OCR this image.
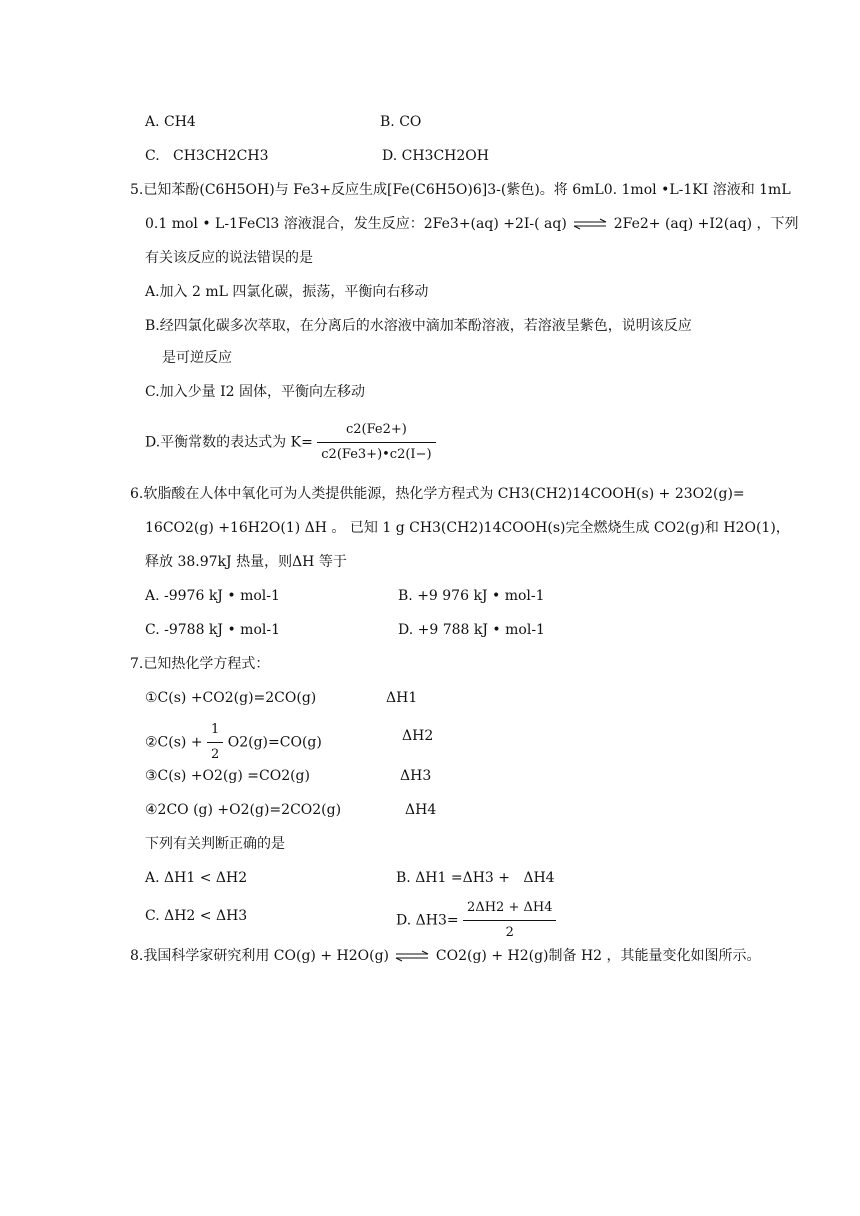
A. CH4	B. CO
C.   CH3CH2CH3	D. CH3CH2OH
5.已知苯酚(C6H5OH)与 Fe3+反应生成[Fe(C6H5O)6]3-(紫色)。将 6mL0. 1mol •L-1KI 溶液和 1mL
0.1 mol • L-1FeCl3 溶液混合，发生反应：2Fe3+(aq) +2I-( aq) ⇌ 2Fe2+ (aq) +I2(aq) ，下列
有关该反应的说法错误的是
A.加入 2 mL 四氯化碳，振荡，平衡向右移动
B.经四氯化碳多次萃取，在分离后的水溶液中滴加苯酚溶液，若溶液呈紫色，说明该反应
是可逆反应
C.加入少量 I2 固体，平衡向左移动
D.平衡常数的表达式为 $K= \frac{c2(Fe2+)}{c2(Fe3+)•c2(I-)}$
6.软脂酸在人体中氧化可为人类提供能源，热化学方程式为 CH3(CH2)14COOH(s) + 23O2(g)=
16CO2(g) +16H2O(1) ΔH 。 已知 1 g CH3(CH2)14COOH(s)完全燃烧生成 CO2(g)和 H2O(1)，
释放 38.97kJ 热量，则ΔH 等于
A. -9976 kJ • mol-1	B. +9 976 kJ • mol-1
C. -9788 kJ • mol-1	D. +9 788 kJ • mol-1
7.已知热化学方程式：
①C(s) +CO2(g)=2CO(g)	ΔH1
②C(s) + $\frac{1}{2} O2(g)=CO(g)$	ΔH2
③C(s) +O2(g) =CO2(g)	ΔH3
④2CO (g) +O2(g)=2CO2(g)	ΔH4
下列有关判断正确的是
A. ΔH1 < ΔH2	B. ΔH1 =ΔH3 +   ΔH4
C. ΔH2 < ΔH3	D. $\Delta H3= \frac{2\Delta H2 + \Delta H4}{2}$
8.我国科学家研究利用 CO(g) + H2O(g) ⇌ CO2(g) + H2(g)制备 H2 ，其能量变化如图所示。
